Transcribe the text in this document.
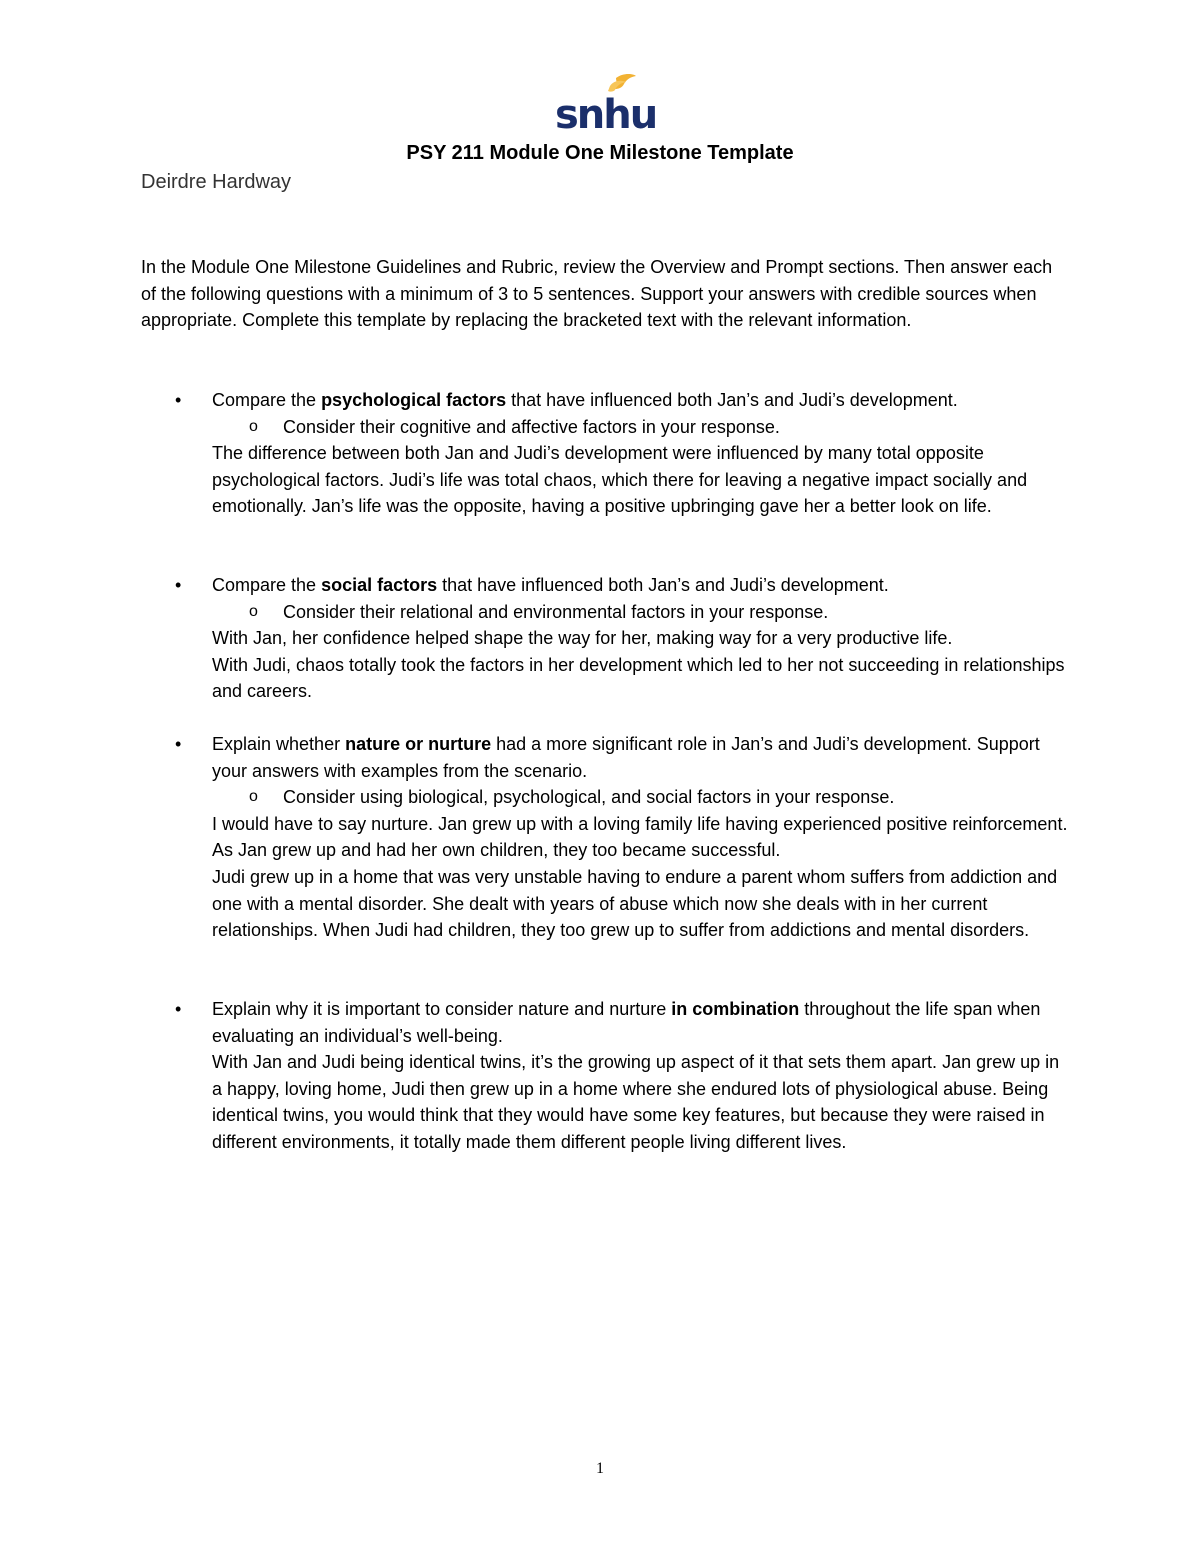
snhu
PSY 211 Module One Milestone Template
Deirdre Hardway
In the Module One Milestone Guidelines and Rubric, review the Overview and Prompt sections. Then answer each of the following questions with a minimum of 3 to 5 sentences. Support your answers with credible sources when appropriate. Complete this template by replacing the bracketed text with the relevant information.
• Compare the psychological factors that have influenced both Jan’s and Judi’s development.
o Consider their cognitive and affective factors in your response.
The difference between both Jan and Judi’s development were influenced by many total opposite psychological factors. Judi’s life was total chaos, which there for leaving a negative impact socially and emotionally. Jan’s life was the opposite, having a positive upbringing gave her a better look on life.
• Compare the social factors that have influenced both Jan’s and Judi’s development.
o Consider their relational and environmental factors in your response.
With Jan, her confidence helped shape the way for her, making way for a very productive life.
With Judi, chaos totally took the factors in her development which led to her not succeeding in relationships and careers.
• Explain whether nature or nurture had a more significant role in Jan’s and Judi’s development. Support your answers with examples from the scenario.
o Consider using biological, psychological, and social factors in your response.
I would have to say nurture. Jan grew up with a loving family life having experienced positive reinforcement. As Jan grew up and had her own children, they too became successful.
Judi grew up in a home that was very unstable having to endure a parent whom suffers from addiction and one with a mental disorder. She dealt with years of abuse which now she deals with in her current relationships. When Judi had children, they too grew up to suffer from addictions and mental disorders.
• Explain why it is important to consider nature and nurture in combination throughout the life span when evaluating an individual’s well-being.
With Jan and Judi being identical twins, it’s the growing up aspect of it that sets them apart. Jan grew up in a happy, loving home, Judi then grew up in a home where she endured lots of physiological abuse. Being identical twins, you would think that they would have some key features, but because they were raised in different environments, it totally made them different people living different lives.
1
